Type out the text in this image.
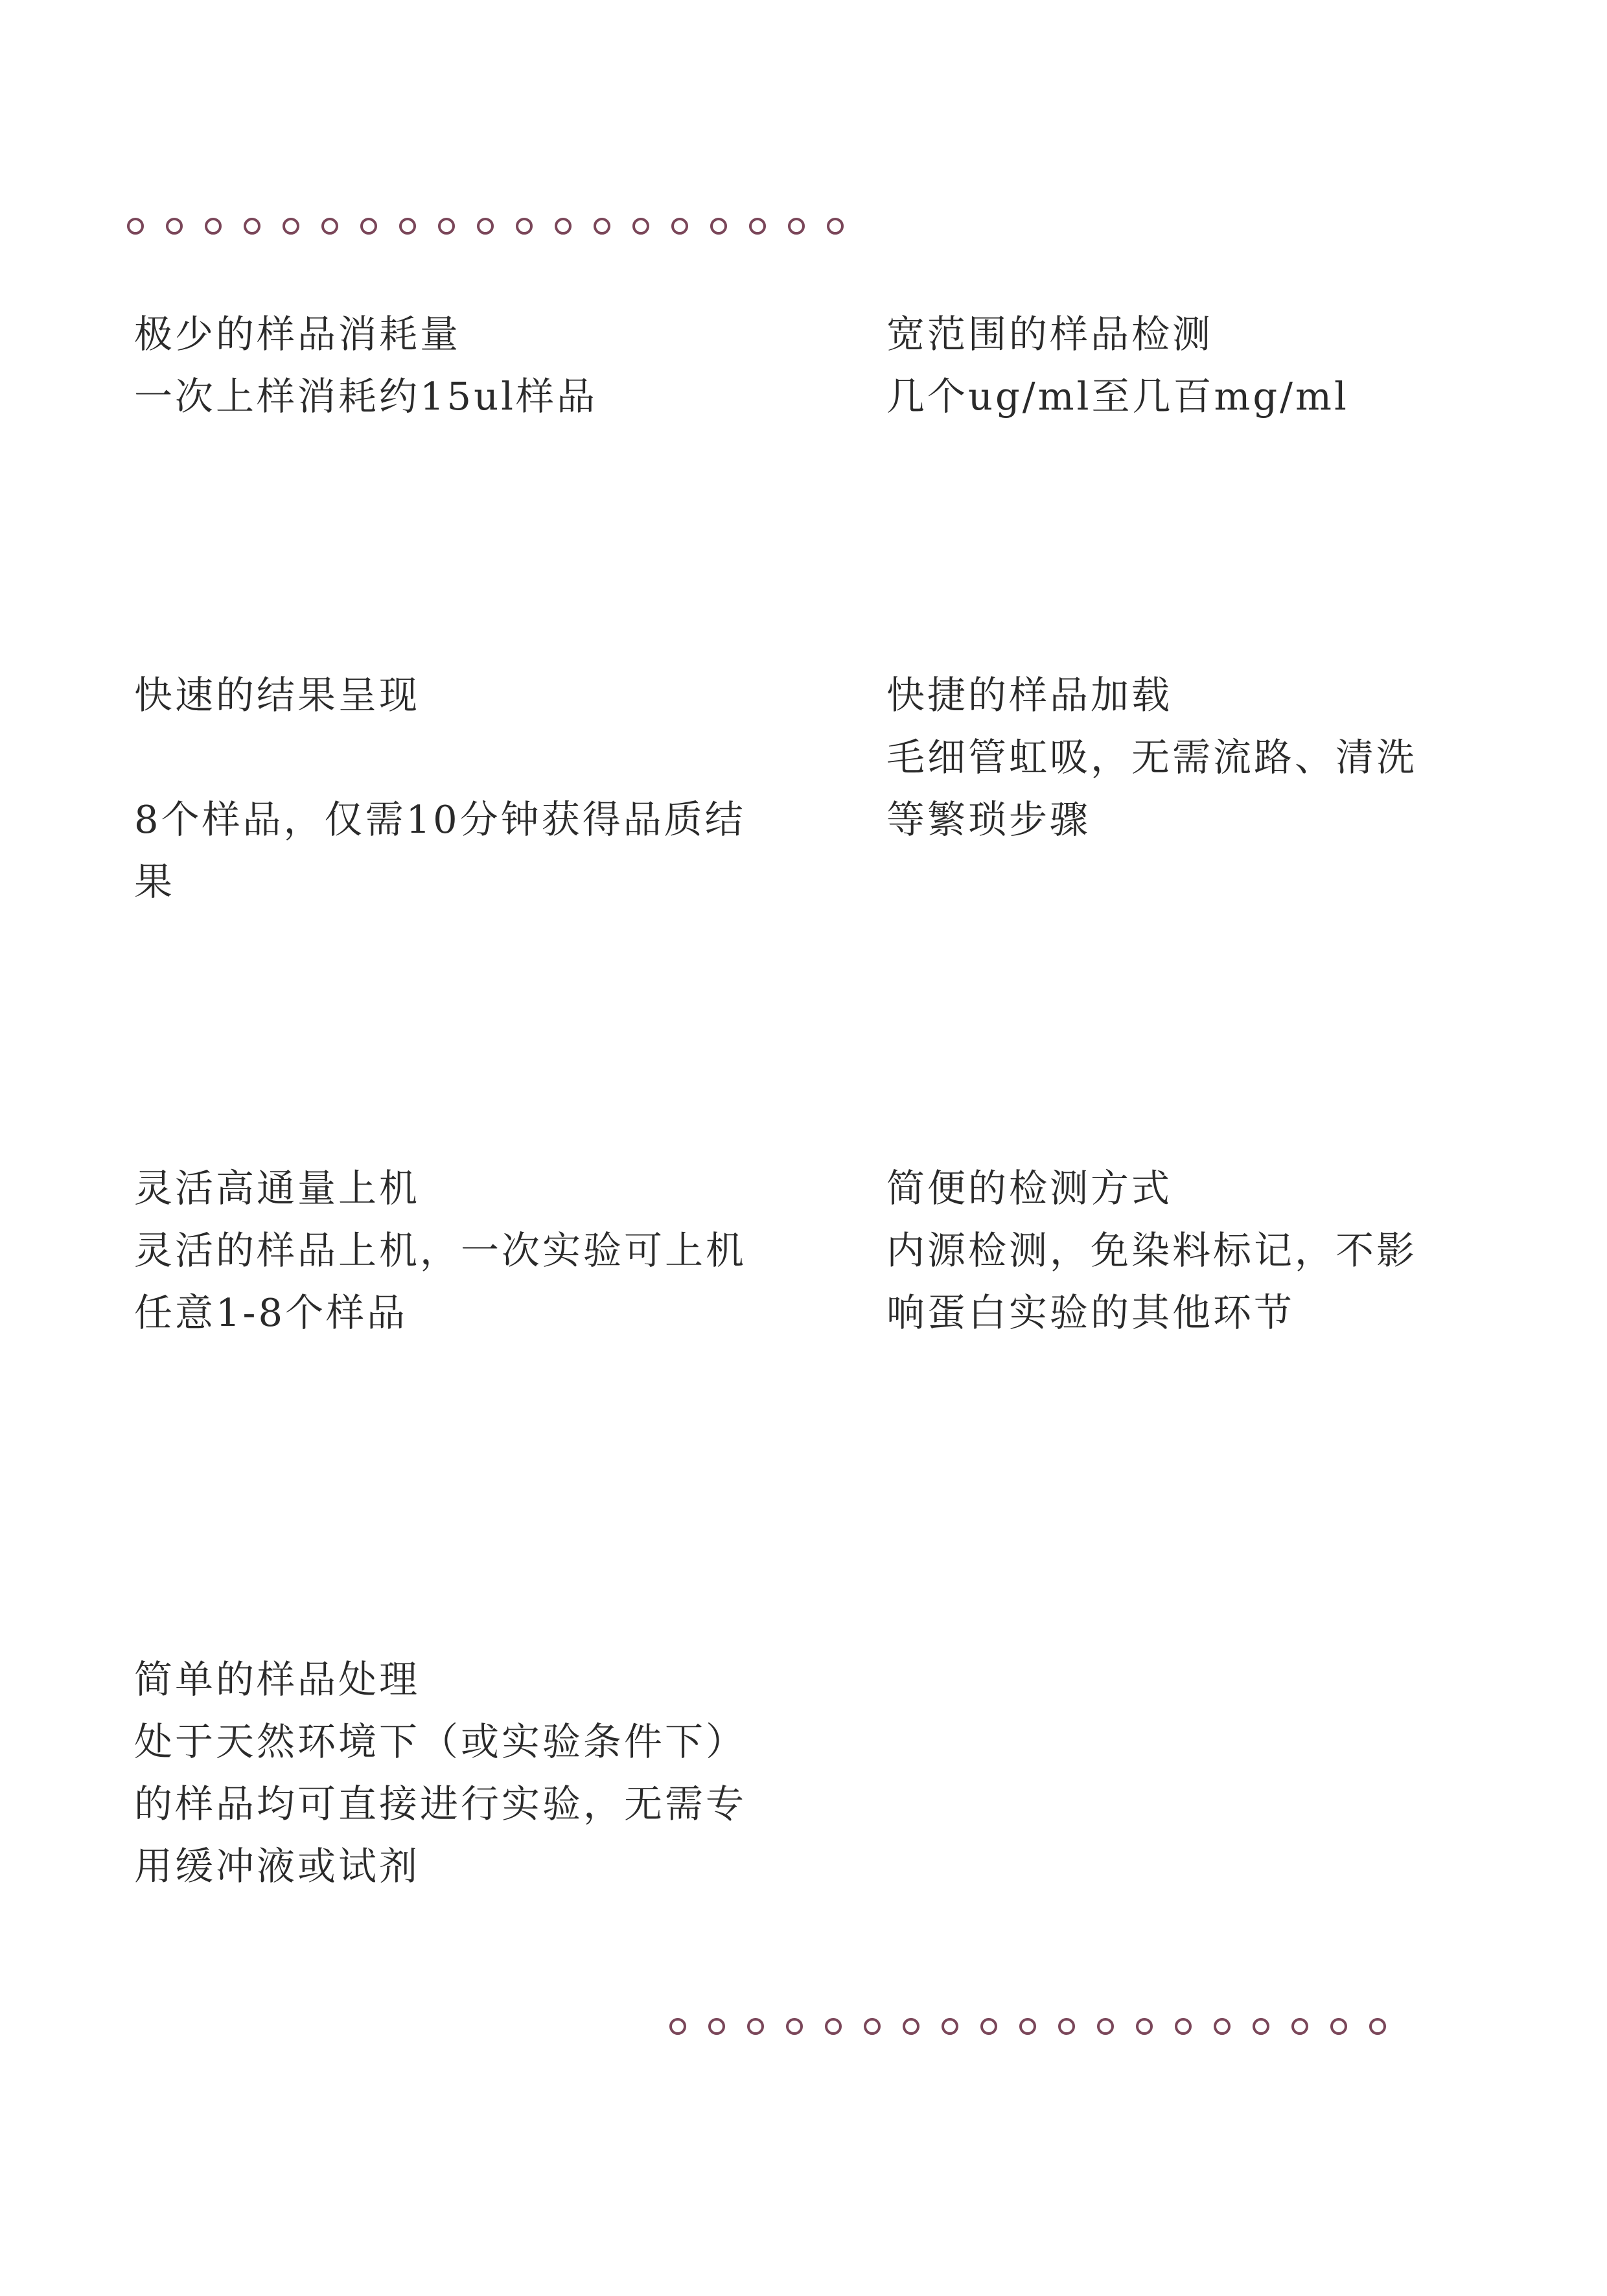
极少的样品消耗量
一次上样消耗约15ul样品
宽范围的样品检测
几个ug/ml至几百mg/ml
快速的结果呈现
8个样品，仅需10分钟获得品质结
果
快捷的样品加载
毛细管虹吸，无需流路、清洗
等繁琐步骤
灵活高通量上机
灵活的样品上机，一次实验可上机
任意1-8个样品
简便的检测方式
内源检测，免染料标记，不影
响蛋白实验的其他环节
简单的样品处理
处于天然环境下（或实验条件下）
的样品均可直接进行实验，无需专
用缓冲液或试剂
